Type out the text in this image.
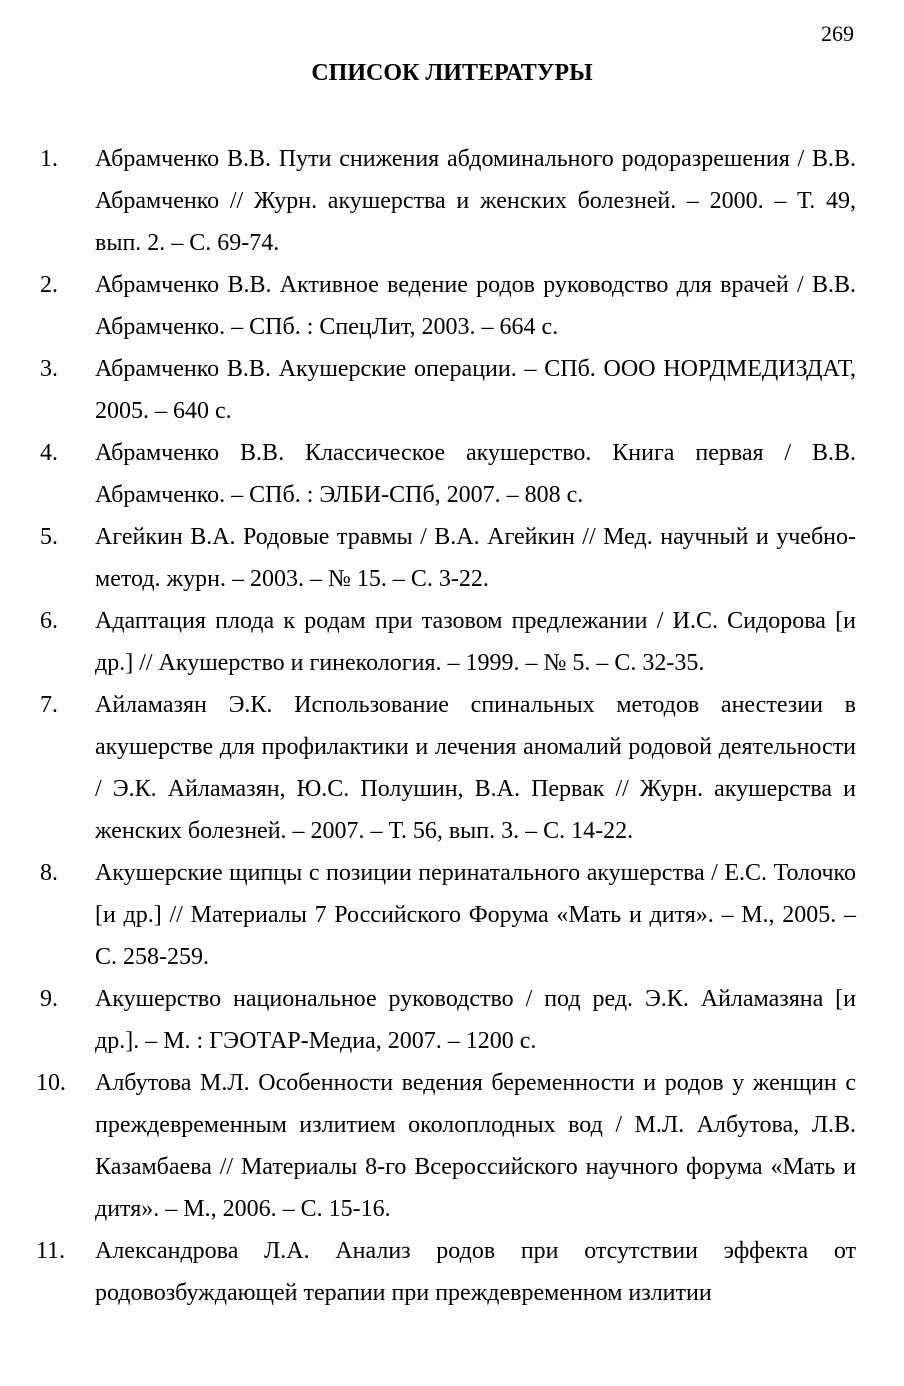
269
СПИСОК ЛИТЕРАТУРЫ
1. Абрамченко В.В. Пути снижения абдоминального родоразрешения / В.В. Абрамченко // Журн. акушерства и женских болезней. – 2000. – Т. 49, вып. 2. – С. 69-74.
2. Абрамченко В.В. Активное ведение родов руководство для врачей / В.В. Абрамченко. – СПб. : СпецЛит, 2003. – 664 с.
3. Абрамченко В.В. Акушерские операции. – СПб. ООО НОРДМЕДИЗДАТ, 2005. – 640 с.
4. Абрамченко В.В. Классическое акушерство. Книга первая / В.В. Абрамченко. – СПб. : ЭЛБИ-СПб, 2007. – 808 с.
5. Агейкин В.А. Родовые травмы / В.А. Агейкин // Мед. научный и учебно-метод. журн. – 2003. – № 15. – С. 3-22.
6. Адаптация плода к родам при тазовом предлежании / И.С. Сидорова [и др.] // Акушерство и гинекология. – 1999. – № 5. – С. 32-35.
7. Айламазян Э.К. Использование спинальных методов анестезии в акушерстве для профилактики и лечения аномалий родовой деятельности / Э.К. Айламазян, Ю.С. Полушин, В.А. Первак // Журн. акушерства и женских болезней. – 2007. – Т. 56, вып. 3. – С. 14-22.
8. Акушерские щипцы с позиции перинатального акушерства / Е.С. Толочко [и др.] // Материалы 7 Российского Форума «Мать и дитя». – М., 2005. – С. 258-259.
9. Акушерство национальное руководство / под ред. Э.К. Айламазяна [и др.]. – М. : ГЭОТАР-Медиа, 2007. – 1200 с.
10. Албутова М.Л. Особенности ведения беременности и родов у женщин с преждевременным излитием околоплодных вод / М.Л. Албутова, Л.В. Казамбаева // Материалы 8-го Всероссийского научного форума «Мать и дитя». – М., 2006. – С. 15-16.
11. Александрова Л.А. Анализ родов при отсутствии эффекта от родовозбуждающей терапии при преждевременном излитии
